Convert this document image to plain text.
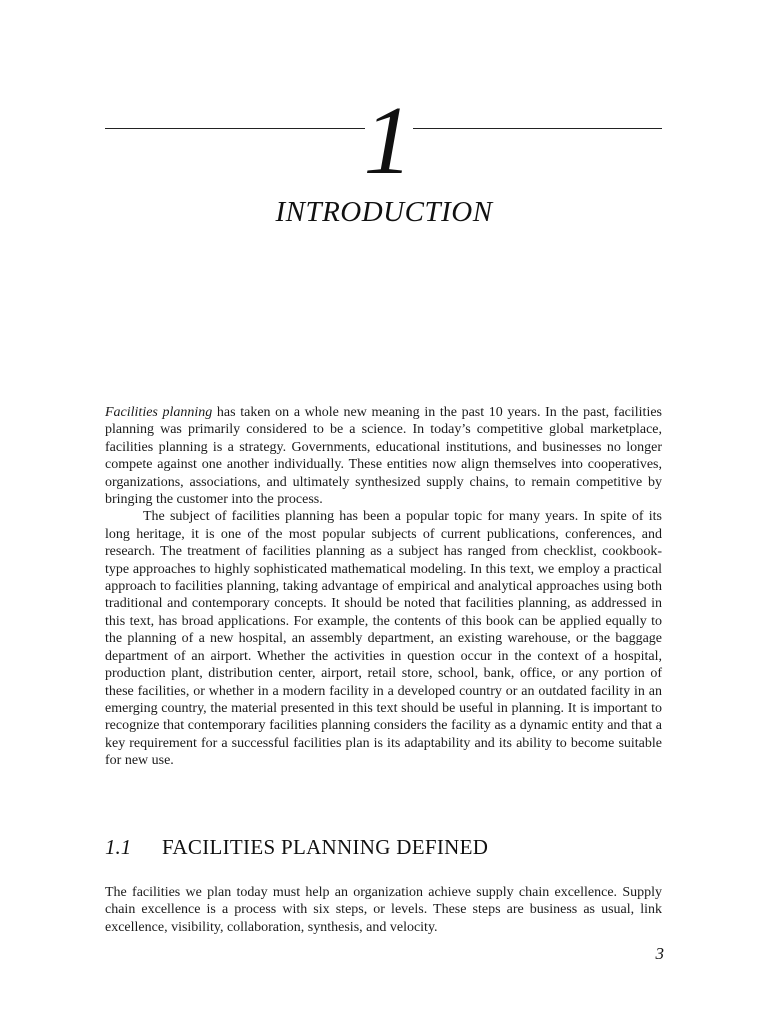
1
INTRODUCTION

Facilities planning has taken on a whole new meaning in the past 10 years. In the past, facilities planning was primarily considered to be a science. In today’s competitive global marketplace, facilities planning is a strategy. Governments, educational institutions, and businesses no longer compete against one another individually. These entities now align themselves into cooperatives, organizations, associations, and ultimately synthesized supply chains, to remain competitive by bringing the customer into the process.

The subject of facilities planning has been a popular topic for many years. In spite of its long heritage, it is one of the most popular subjects of current publications, conferences, and research. The treatment of facilities planning as a subject has ranged from checklist, cookbook-type approaches to highly sophisticated mathematical modeling. In this text, we employ a practical approach to facilities planning, taking advantage of empirical and analytical approaches using both traditional and contemporary concepts. It should be noted that facilities planning, as addressed in this text, has broad applications. For example, the contents of this book can be applied equally to the planning of a new hospital, an assembly department, an existing warehouse, or the baggage department of an airport. Whether the activities in question occur in the context of a hospital, production plant, distribution center, airport, retail store, school, bank, office, or any portion of these facilities, or whether in a modern facility in a developed country or an outdated facility in an emerging country, the material presented in this text should be useful in planning. It is important to recognize that contemporary facilities planning considers the facility as a dynamic entity and that a key requirement for a successful facilities plan is its adaptability and its ability to become suitable for new use.

1.1 FACILITIES PLANNING DEFINED

The facilities we plan today must help an organization achieve supply chain excellence. Supply chain excellence is a process with six steps, or levels. These steps are business as usual, link excellence, visibility, collaboration, synthesis, and velocity.

3
